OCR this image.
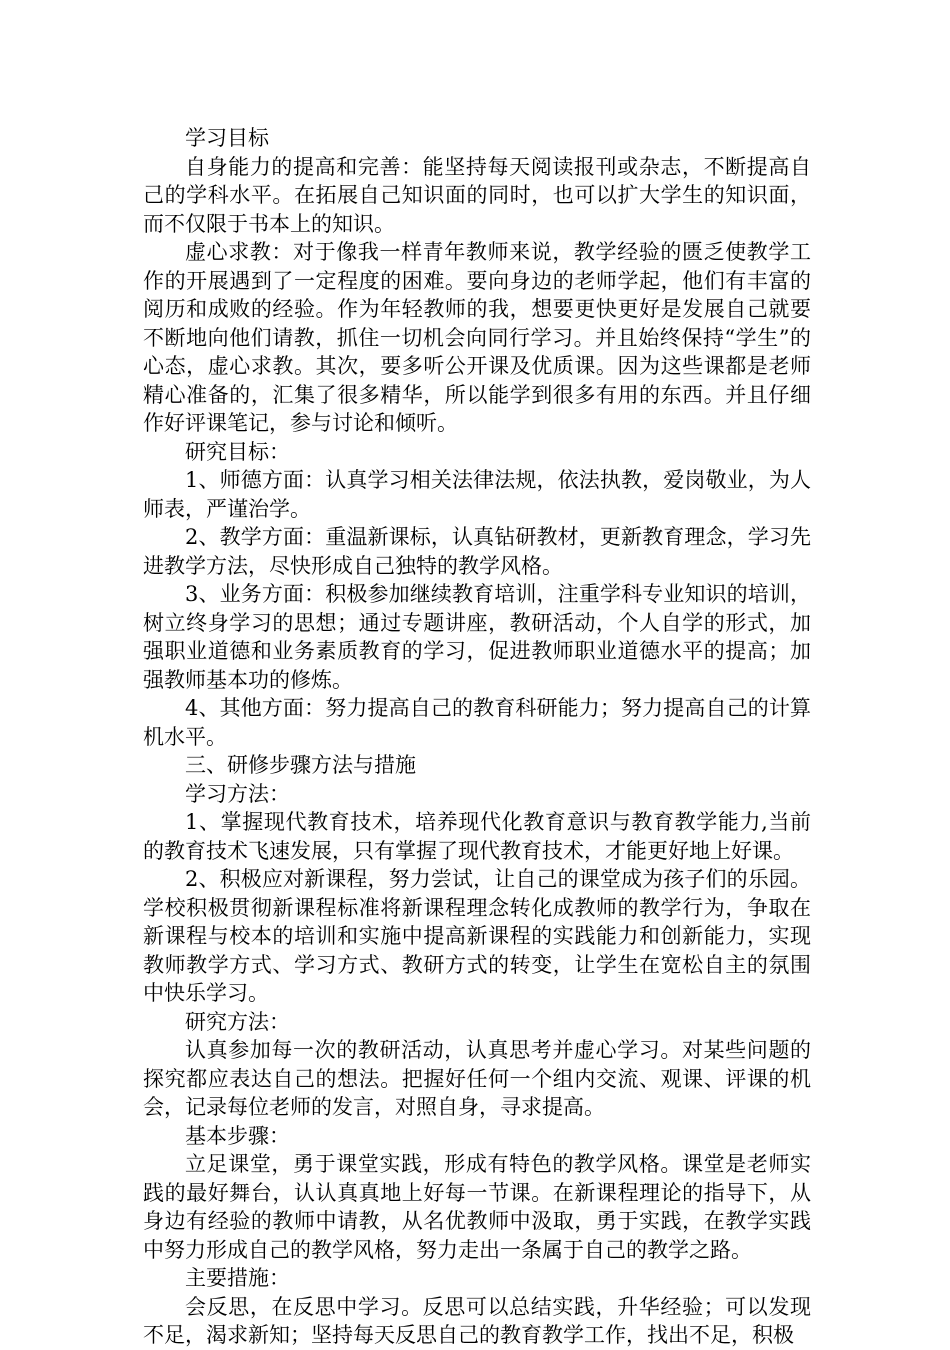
学习目标

自身能力的提高和完善：能坚持每天阅读报刊或杂志，不断提高自己的学科水平。在拓展自己知识面的同时，也可以扩大学生的知识面，而不仅限于书本上的知识。

虚心求教：对于像我一样青年教师来说，教学经验的匮乏使教学工作的开展遇到了一定程度的困难。要向身边的老师学起，他们有丰富的阅历和成败的经验。作为年轻教师的我，想要更快更好是发展自己就要不断地向他们请教，抓住一切机会向同行学习。并且始终保持“学生”的心态，虚心求教。其次，要多听公开课及优质课。因为这些课都是老师精心准备的，汇集了很多精华，所以能学到很多有用的东西。并且仔细作好评课笔记，参与讨论和倾听。

研究目标：

1、师德方面：认真学习相关法律法规，依法执教，爱岗敬业，为人师表，严谨治学。

2、教学方面：重温新课标，认真钻研教材，更新教育理念，学习先进教学方法，尽快形成自己独特的教学风格。

3、业务方面：积极参加继续教育培训，注重学科专业知识的培训，树立终身学习的思想；通过专题讲座，教研活动，个人自学的形式，加强职业道德和业务素质教育的学习，促进教师职业道德水平的提高；加强教师基本功的修炼。

4、其他方面：努力提高自己的教育科研能力；努力提高自己的计算机水平。

三、研修步骤方法与措施

学习方法：

1、掌握现代教育技术，培养现代化教育意识与教育教学能力,当前的教育技术飞速发展，只有掌握了现代教育技术，才能更好地上好课。

2、积极应对新课程，努力尝试，让自己的课堂成为孩子们的乐园。学校积极贯彻新课程标准将新课程理念转化成教师的教学行为，争取在新课程与校本的培训和实施中提高新课程的实践能力和创新能力，实现教师教学方式、学习方式、教研方式的转变，让学生在宽松自主的氛围中快乐学习。

研究方法：

认真参加每一次的教研活动，认真思考并虚心学习。对某些问题的探究都应表达自己的想法。把握好任何一个组内交流、观课、评课的机会，记录每位老师的发言，对照自身，寻求提高。

基本步骤：

立足课堂，勇于课堂实践，形成有特色的教学风格。课堂是老师实践的最好舞台，认认真真地上好每一节课。在新课程理论的指导下，从身边有经验的教师中请教，从名优教师中汲取，勇于实践，在教学实践中努力形成自己的教学风格，努力走出一条属于自己的教学之路。

主要措施：

会反思，在反思中学习。反思可以总结实践，升华经验；可以发现不足，渴求新知；坚持每天反思自己的教育教学工作，找出不足，积极
